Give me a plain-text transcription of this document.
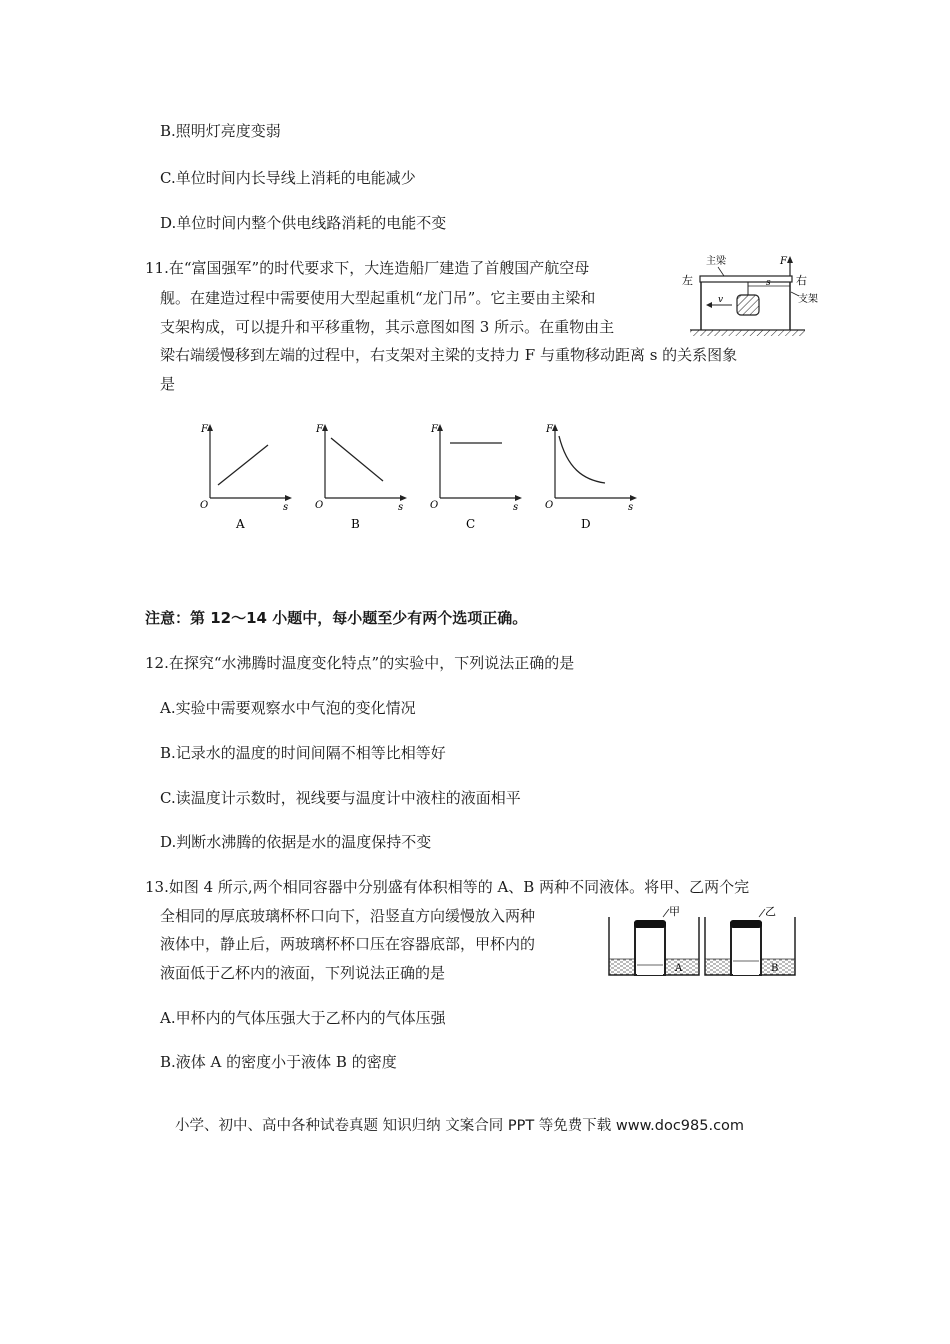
B.照明灯亮度变弱
C.单位时间内长导线上消耗的电能减少
D.单位时间内整个供电线路消耗的电能不变
11.在“富国强军”的时代要求下，大连造船厂建造了首艘国产航空母
舰。在建造过程中需要使用大型起重机“龙门吊”。它主要由主梁和
支架构成，可以提升和平移重物，其示意图如图 3 所示。在重物由主
梁右端缓慢移到左端的过程中，右支架对主梁的支持力 F 与重物移动距离 s 的关系图象
是
F
s
v
左	右
主梁
支架
F
O	s
A
F
O	s
B
F
O	s
C
F
O	s
D
注意：第 12～14 小题中，每小题至少有两个选项正确。
12.在探究“水沸腾时温度变化特点”的实验中，下列说法正确的是
A.实验中需要观察水中气泡的变化情况
B.记录水的温度的时间间隔不相等比相等好
C.读温度计示数时，视线要与温度计中液柱的液面相平
D.判断水沸腾的依据是水的温度保持不变
13.如图 4 所示,两个相同容器中分别盛有体积相等的 A、B 两种不同液体。将甲、乙两个完
全相同的厚底玻璃杯杯口向下，沿竖直方向缓慢放入两种
液体中，静止后，两玻璃杯杯口压在容器底部，甲杯内的
液面低于乙杯内的液面，下列说法正确的是
甲
A
乙
B
A.甲杯内的气体压强大于乙杯内的气体压强
B.液体 A 的密度小于液体 B 的密度
小学、初中、高中各种试卷真题 知识归纳 文案合同 PPT 等免费下载 www.doc985.com
